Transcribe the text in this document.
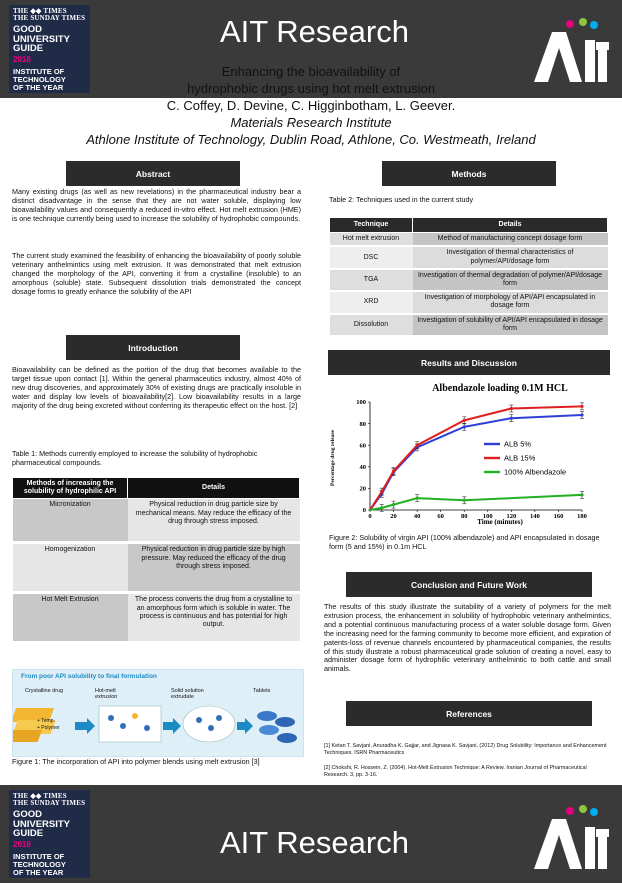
THE ◆◆ TIMES
THE SUNDAY TIMES
GOOD
UNIVERSITY
GUIDE
2018
INSTITUTE OF
TECHNOLOGY
OF THE YEAR
AIT Research
Enhancing the bioavailability of
hydrophobic drugs using hot melt extrusion
C. Coffey, D. Devine, C. Higginbotham, L. Geever.
Materials Research Institute
Athlone Institute of Technology, Dublin Road, Athlone, Co. Westmeath, Ireland
Abstract
Many existing drugs (as well as new revelations) in the pharmaceutical industry bear a distinct disadvantage in the sense that they are not water soluble, displaying low bioavailability values and consequently a reduced in-vitro effect. Hot melt extrusion (HME) is one technique currently being used to increase the solubility of hydrophobic compounds.
The current study examined the feasibility of enhancing the bioavailability of poorly soluble veterinary anthelmintics using melt extrusion. It was demonstrated that melt extrusion changed the morphology of the API, converting it from a crystalline (insoluble) to an amorphous (soluble) state. Subsequent dissolution trials demonstrated the concept dosage forms to greatly enhance the solubility of the API
Introduction
Bioavailability can be defined as the portion of the drug that becomes available to the target tissue upon contact [1]. Within the general pharmaceutics industry, almost 40% of new drug discoveries, and approximately 30% of existing drugs are practically insoluble in water and display low levels of bioavailability[2]. Low bioavailability results in a large majority of the drug being excreted without conferring its therapeutic effect on the host. [2]
Table 1: Methods currently employed to increase the solubility of hydrophobic pharmaceutical compounds.
Methods of increasing the solubility of hydrophilic API	Details
Micronization	Physical reduction in drug particle size by mechanical means. May reduce the efficacy of the drug through stress imposed.
Homogenization	Physical reduction in drug particle size by high pressure. May reduced the efficacy of the drug through stress imposed.
Hot Melt Extrusion	The process converts the drug from a crystalline to an amorphous form which is soluble in water. The process is continuous and has potential for high output.
From poor API solubility to final formulation
Crystalline drug	Hot-melt extrusion
Solid solution extrudate
Tablets
+ Temp.
+ Polymer
Figure 1: The incorporation of API into polymer blends using melt extrusion [3]
Methods
Table 2: Techniques used in the current study
Technique	Details
Hot melt extrusion	Method of manufacturing concept dosage form
DSC	Investigation of thermal characteristics of polymer/API/dosage form
TGA	Investigation of thermal degradation of polymer/API/dosage form
XRD	Investigation of morphology of API/API encapsulated in dosage form
Dissolution	Investigation of solubility of API/API encapsulated in dosage form
Results and Discussion
Albendazole loading 0.1M HCL
0	20	40	60	80 100 120 140 160 180
0
20
40
60
80
100
ALB 5%
ALB 15%
100% Albendazole
Time (minutes)
Percentage drug release
Figure 2: Solubility of virgin API (100% albendazole) and API encapsulated in dosage form (5 and 15%) in 0.1m HCL
Conclusion and Future Work
The results of this study illustrate the suitability of a variety of polymers for the melt extrusion process, the enhancement in solubility of hydrophobic veterinary anthelmintics, and a potential continuous manufacturing process of a water soluble dosage form. Given the increasing need for the farming community to become more efficient, and expiration of patents-loss of revenue channels encountered by pharmaceutical companies, the results of this study illustrate a robust pharmaceutical grade solution of creating a novel, easy to administer dosage form of hydrophilic veterinary anthelmintic to both cattle and small animals.
References
[1] Ketan T. Savjani, Anuradha K. Gajjar, and Jignasa K. Savjani, (2012) Drug Solubility: Importance and Enhancement Techniques. ISRN Pharmaceutics
[2] Chokshi, R. Hossein, Z. (2004). Hot-Melt Extrusion Technique: A Review. Iranian Journal of Pharmaceutical Research. 3, pp. 3-16.
THE ◆◆ TIMES
THE SUNDAY TIMES
GOOD
UNIVERSITY
GUIDE
2018
INSTITUTE OF
TECHNOLOGY
OF THE YEAR
AIT Research
